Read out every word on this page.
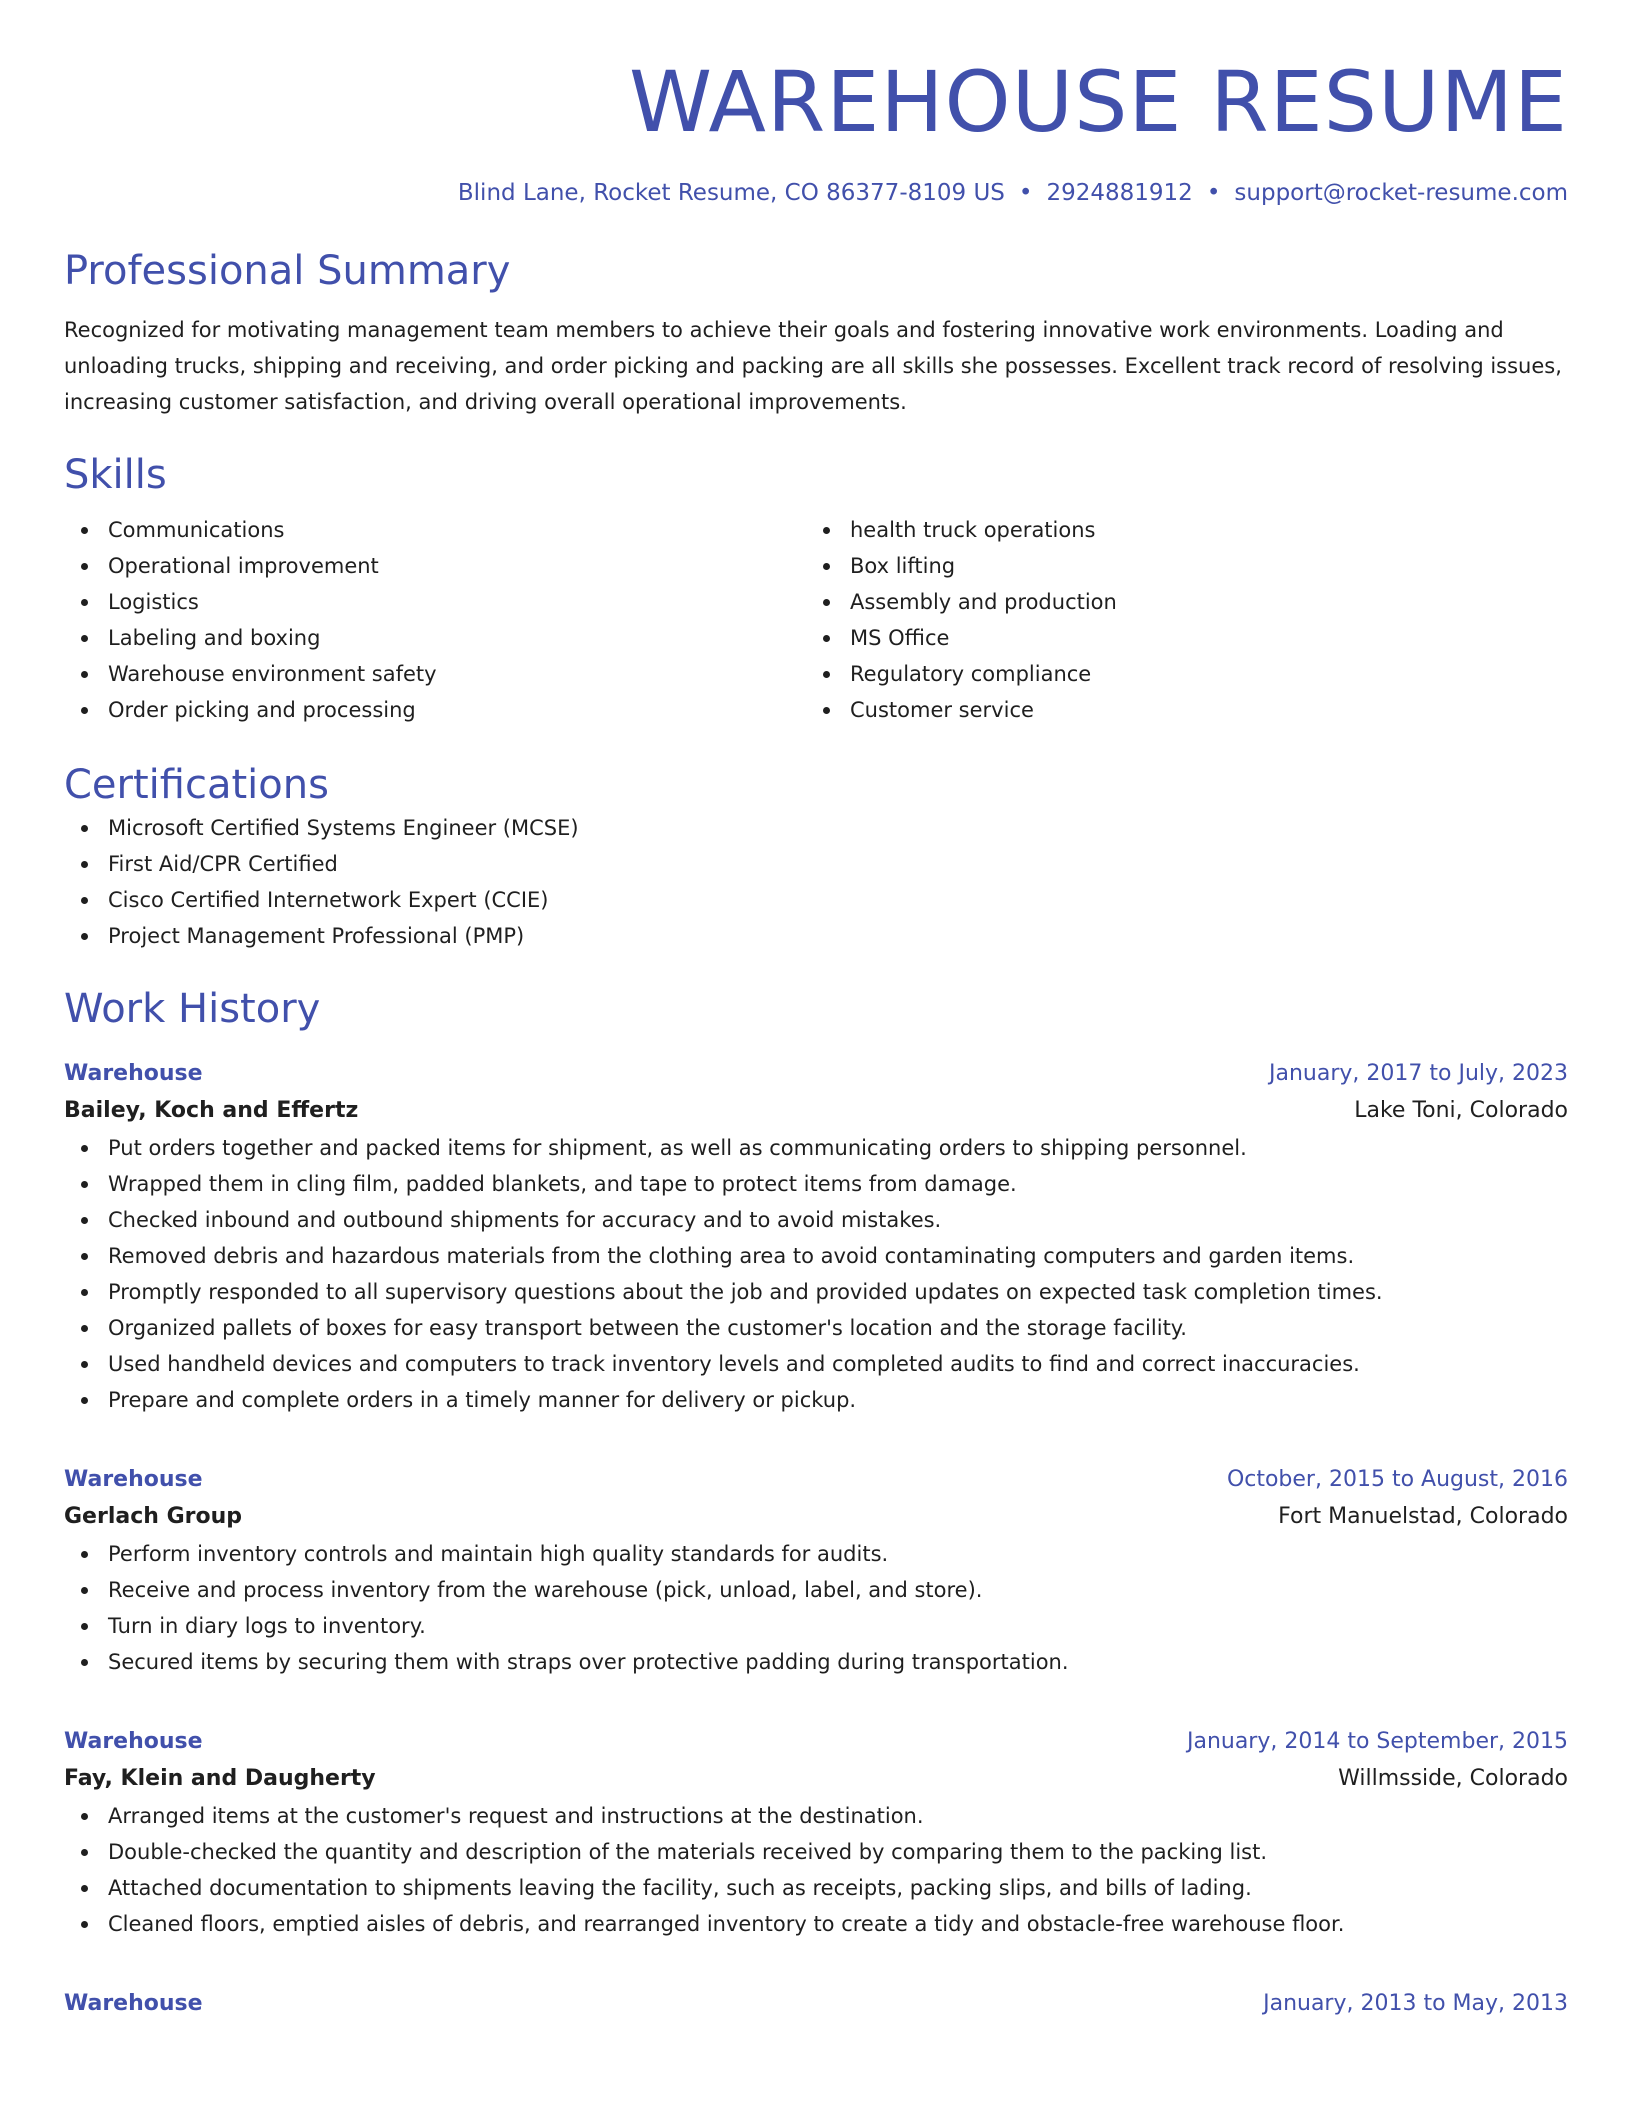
WAREHOUSE RESUME
Blind Lane, Rocket Resume, CO 86377-8109 US • 2924881912 • support@rocket-resume.com
Professional Summary

Recognized for motivating management team members to achieve their goals and fostering innovative work environments. Loading and unloading trucks, shipping and receiving, and order picking and packing are all skills she possesses. Excellent track record of resolving issues, increasing customer satisfaction, and driving overall operational improvements.

Skills
Communications
Operational improvement
Logistics
Labeling and boxing
Warehouse environment safety
Order picking and processing
health truck operations
Box lifting
Assembly and production
MS Office
Regulatory compliance
Customer service
Certifications
Microsoft Certified Systems Engineer (MCSE)
First Aid/CPR Certified
Cisco Certified Internetwork Expert (CCIE)
Project Management Professional (PMP)
Work History
Warehouse	January, 2017 to July, 2023
Bailey, Koch and Effertz	Lake Toni, Colorado
Put orders together and packed items for shipment, as well as communicating orders to shipping personnel.
Wrapped them in cling film, padded blankets, and tape to protect items from damage.
Checked inbound and outbound shipments for accuracy and to avoid mistakes.
Removed debris and hazardous materials from the clothing area to avoid contaminating computers and garden items.
Promptly responded to all supervisory questions about the job and provided updates on expected task completion times.
Organized pallets of boxes for easy transport between the customer's location and the storage facility.
Used handheld devices and computers to track inventory levels and completed audits to find and correct inaccuracies.
Prepare and complete orders in a timely manner for delivery or pickup.
Warehouse	October, 2015 to August, 2016
Gerlach Group	Fort Manuelstad, Colorado
Perform inventory controls and maintain high quality standards for audits.
Receive and process inventory from the warehouse (pick, unload, label, and store).
Turn in diary logs to inventory.
Secured items by securing them with straps over protective padding during transportation.
Warehouse	January, 2014 to September, 2015
Fay, Klein and Daugherty	Willmsside, Colorado
Arranged items at the customer's request and instructions at the destination.
Double-checked the quantity and description of the materials received by comparing them to the packing list.
Attached documentation to shipments leaving the facility, such as receipts, packing slips, and bills of lading.
Cleaned floors, emptied aisles of debris, and rearranged inventory to create a tidy and obstacle-free warehouse floor.
Warehouse	January, 2013 to May, 2013
